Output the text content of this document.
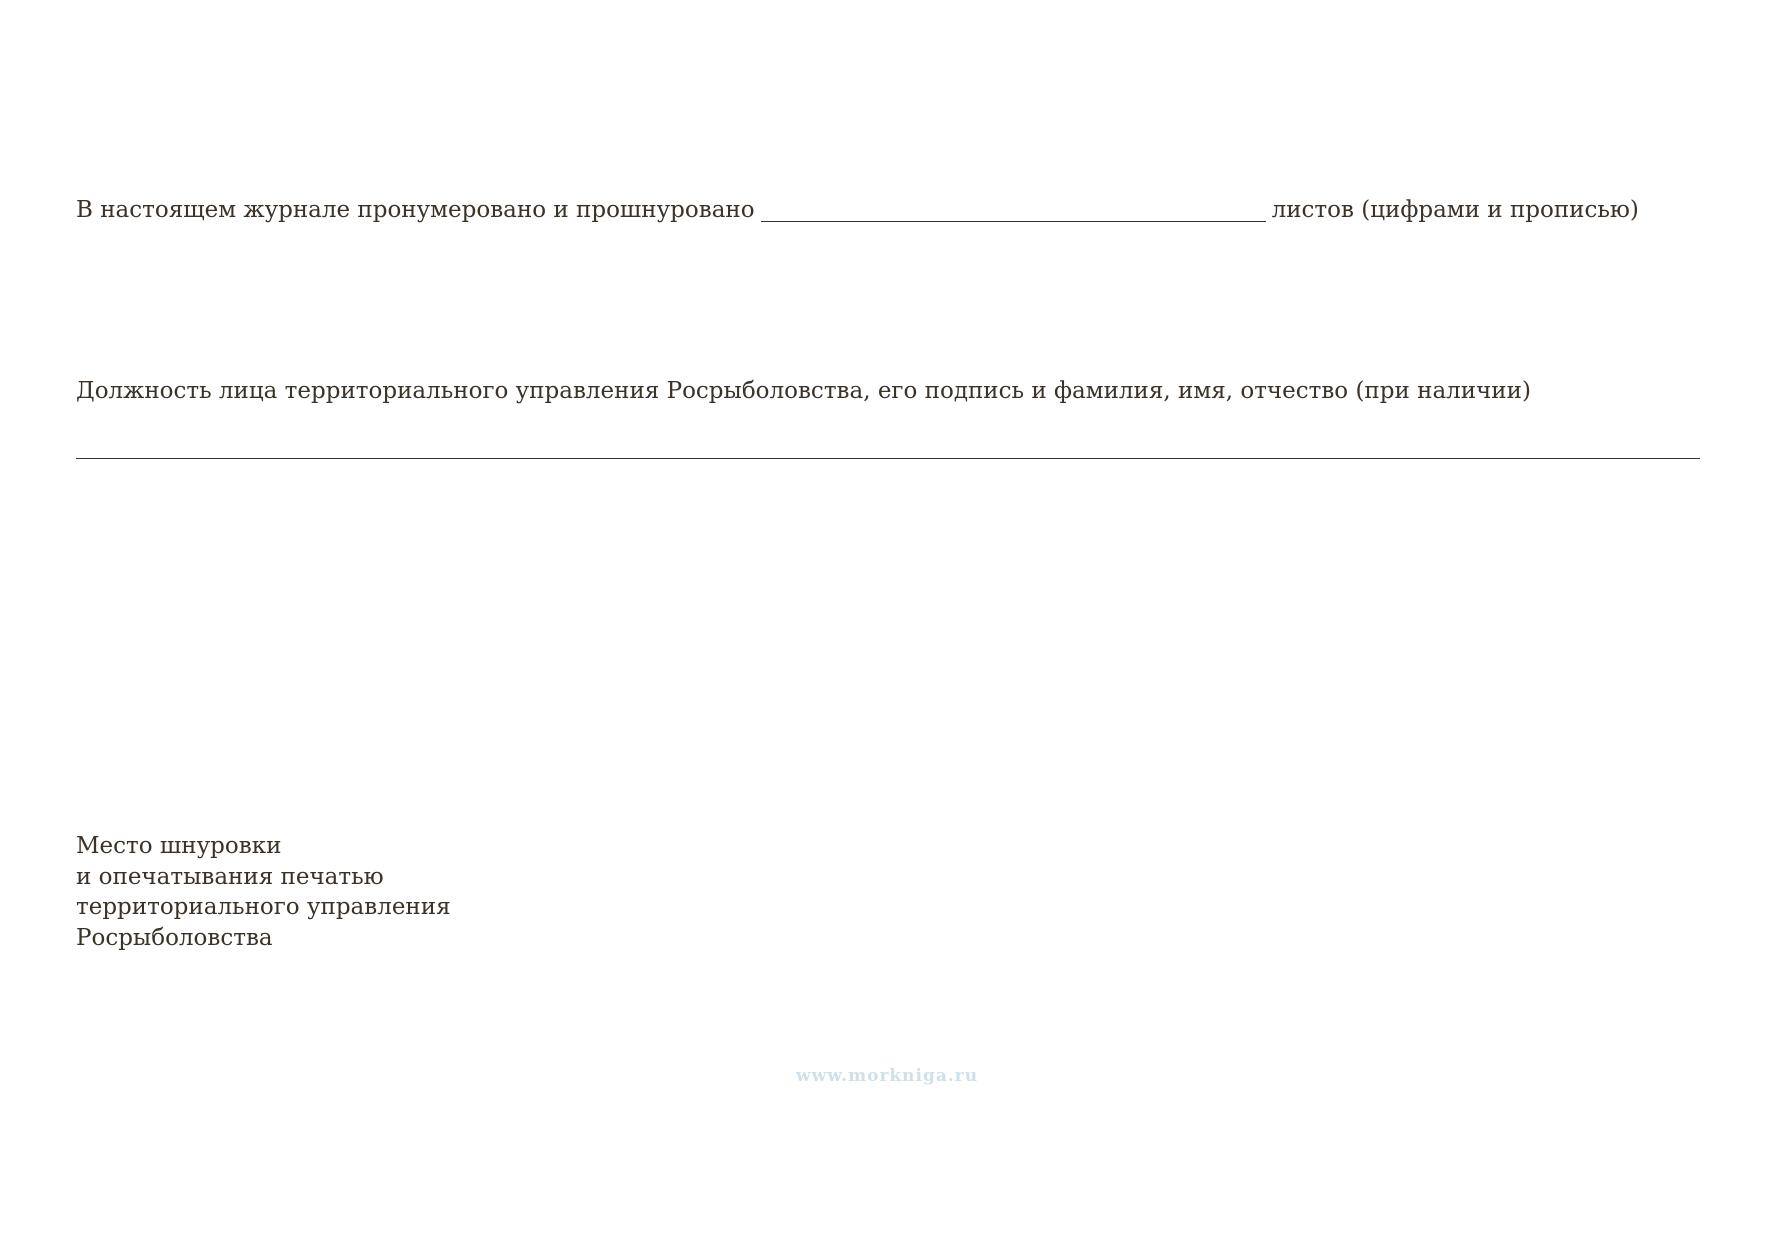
В настоящем журнале пронумеровано и прошнуровано	листов (цифрами и прописью)
Должность лица территориального управления Росрыболовства, его подпись и фамилия, имя, отчество (при наличии)
Место шнуровки
и опечатывания печатью
территориального управления
Росрыболовства
www.morkniga.ru
